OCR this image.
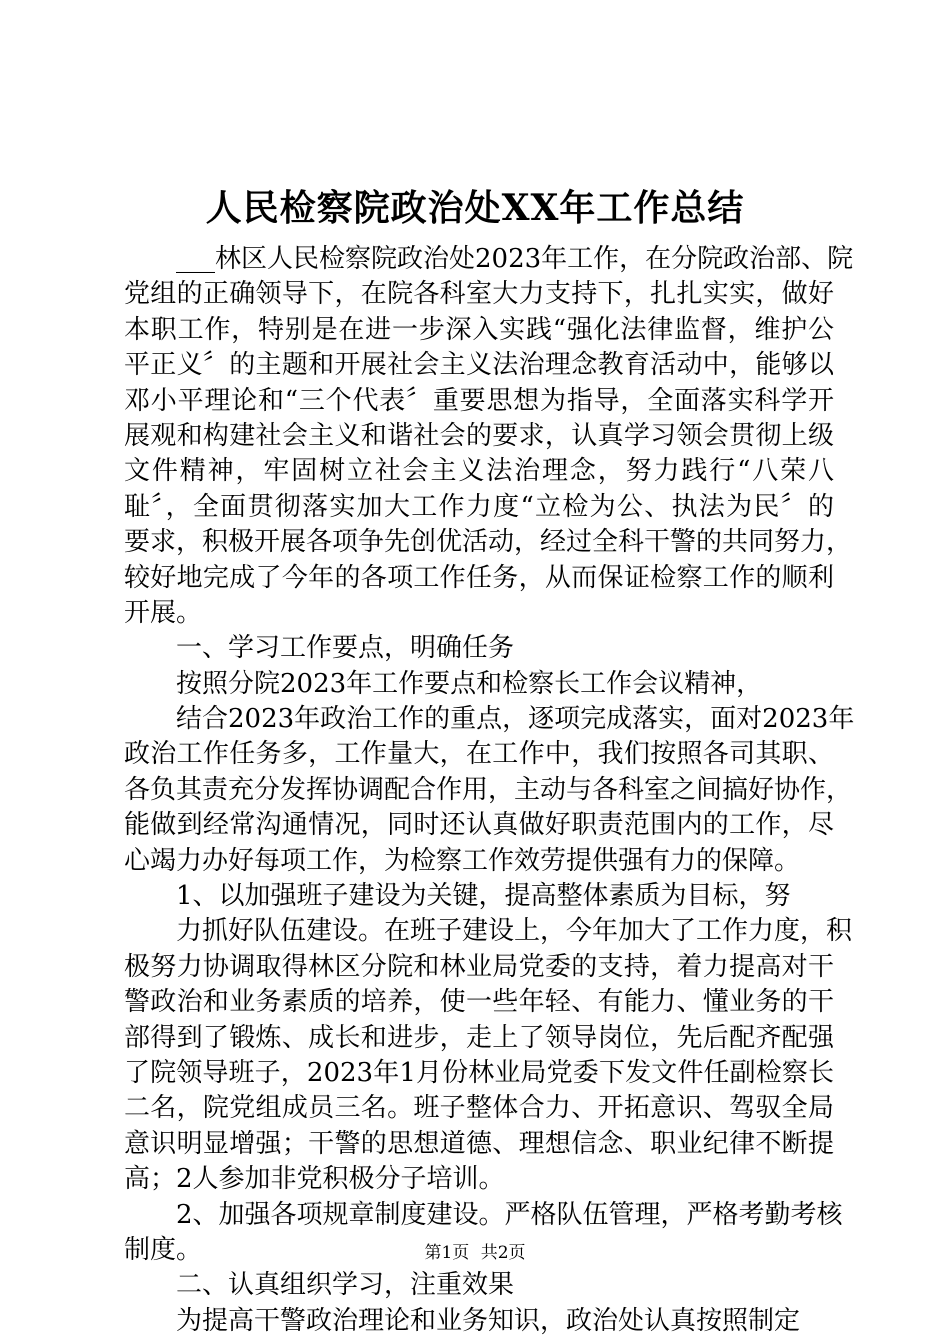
人民检察院政治处XX年工作总结
___林区人民检察院政治处2023年工作，在分院政治部、院
党组的正确领导下，在院各科室大力支持下，扎扎实实，做好
本职工作，特别是在进一步深入实践“强化法律监督，维护公
平正义〞的主题和开展社会主义法治理念教育活动中，能够以
邓小平理论和“三个代表〞重要思想为指导，全面落实科学开
展观和构建社会主义和谐社会的要求，认真学习领会贯彻上级
文件精神，牢固树立社会主义法治理念，努力践行“八荣八
耻〞，全面贯彻落实加大工作力度“立检为公、执法为民〞的
要求，积极开展各项争先创优活动，经过全科干警的共同努力，
较好地完成了今年的各项工作任务，从而保证检察工作的顺利
开展。
一、学习工作要点，明确任务
按照分院2023年工作要点和检察长工作会议精神，
结合2023年政治工作的重点，逐项完成落实，面对2023年
政治工作任务多，工作量大，在工作中，我们按照各司其职、
各负其责充分发挥协调配合作用，主动与各科室之间搞好协作，
能做到经常沟通情况，同时还认真做好职责范围内的工作，尽
心竭力办好每项工作，为检察工作效劳提供强有力的保障。
1、以加强班子建设为关键，提高整体素质为目标，努
力抓好队伍建设。在班子建设上，今年加大了工作力度，积
极努力协调取得林区分院和林业局党委的支持，着力提高对干
警政治和业务素质的培养，使一些年轻、有能力、懂业务的干
部得到了锻炼、成长和进步，走上了领导岗位，先后配齐配强
了院领导班子，2023年1月份林业局党委下发文件任副检察长
二名，院党组成员三名。班子整体合力、开拓意识、驾驭全局
意识明显增强；干警的思想道德、理想信念、职业纪律不断提
高；2人参加非党积极分子培训。
2、加强各项规章制度建设。严格队伍管理，严格考勤考核
制度。
二、认真组织学习，注重效果
为提高干警政治理论和业务知识，政治处认真按照制定
第1页 共2页
